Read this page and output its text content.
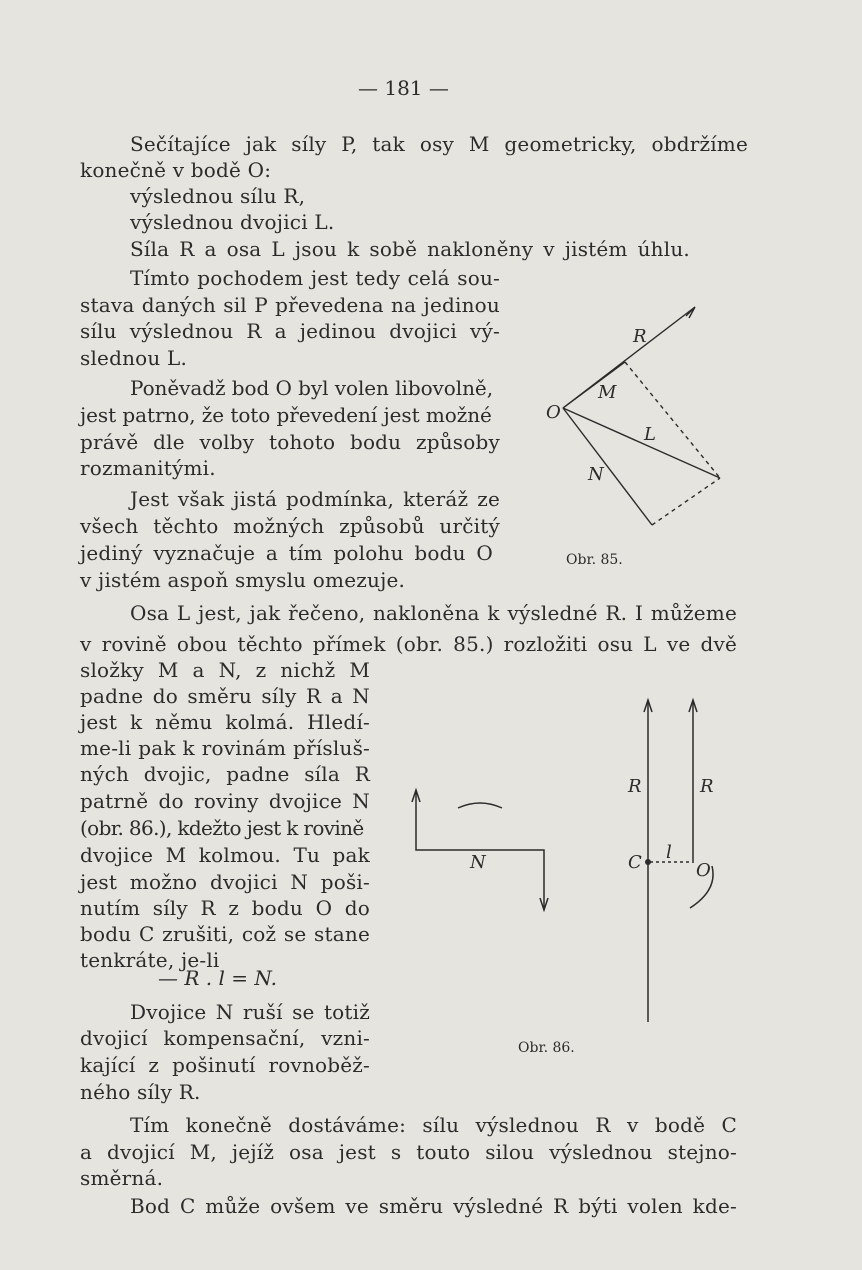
— 181 —
Sečítajíce jak síly P, tak osy M geometricky, obdržíme
konečně v bodě O:
výslednou sílu R,
výslednou dvojici L.
Síla R a osa L jsou k sobě nakloněny v jistém úhlu.
Tímto pochodem jest tedy celá sou-
stava daných sil P převedena na jedinou
sílu výslednou R a jedinou dvojici vý-
slednou L.
Poněvadž bod O byl volen libovolně,
jest patrno, že toto převedení jest možné
právě dle volby tohoto bodu způsoby
rozmanitými.
Jest však jistá podmínka, kteráž ze
všech těchto možných způsobů určitý
jediný vyznačuje a tím polohu bodu O
v jistém aspoň smyslu omezuje.
Osa L jest, jak řečeno, nakloněna k výsledné R. I můžeme
v rovině obou těchto přímek (obr. 85.) rozložiti osu L ve dvě
složky M a N, z nichž M
padne do směru síly R a N
jest k němu kolmá. Hledí-
me-li pak k rovinám přísluš-
ných dvojic, padne síla R
patrně do roviny dvojice N
(obr. 86.), kdežto jest k rovině
dvojice M kolmou. Tu pak
jest možno dvojici N poši-
nutím síly R z bodu O do
bodu C zrušiti, což se stane
tenkráte, je-li
Dvojice N ruší se totiž
dvojicí kompensační, vzni-
kající z pošinutí rovnoběž-
ného síly R.
Tím konečně dostáváme: sílu výslednou R v bodě C
a dvojicí M, jejíž osa jest s touto silou výslednou stejno-
směrná.
Bod C může ovšem ve směru výsledné R býti volen kde-
— R . l = N.
R
M
L
O
N
Obr. 85.
R	R
C l
O
N
Obr. 86.
